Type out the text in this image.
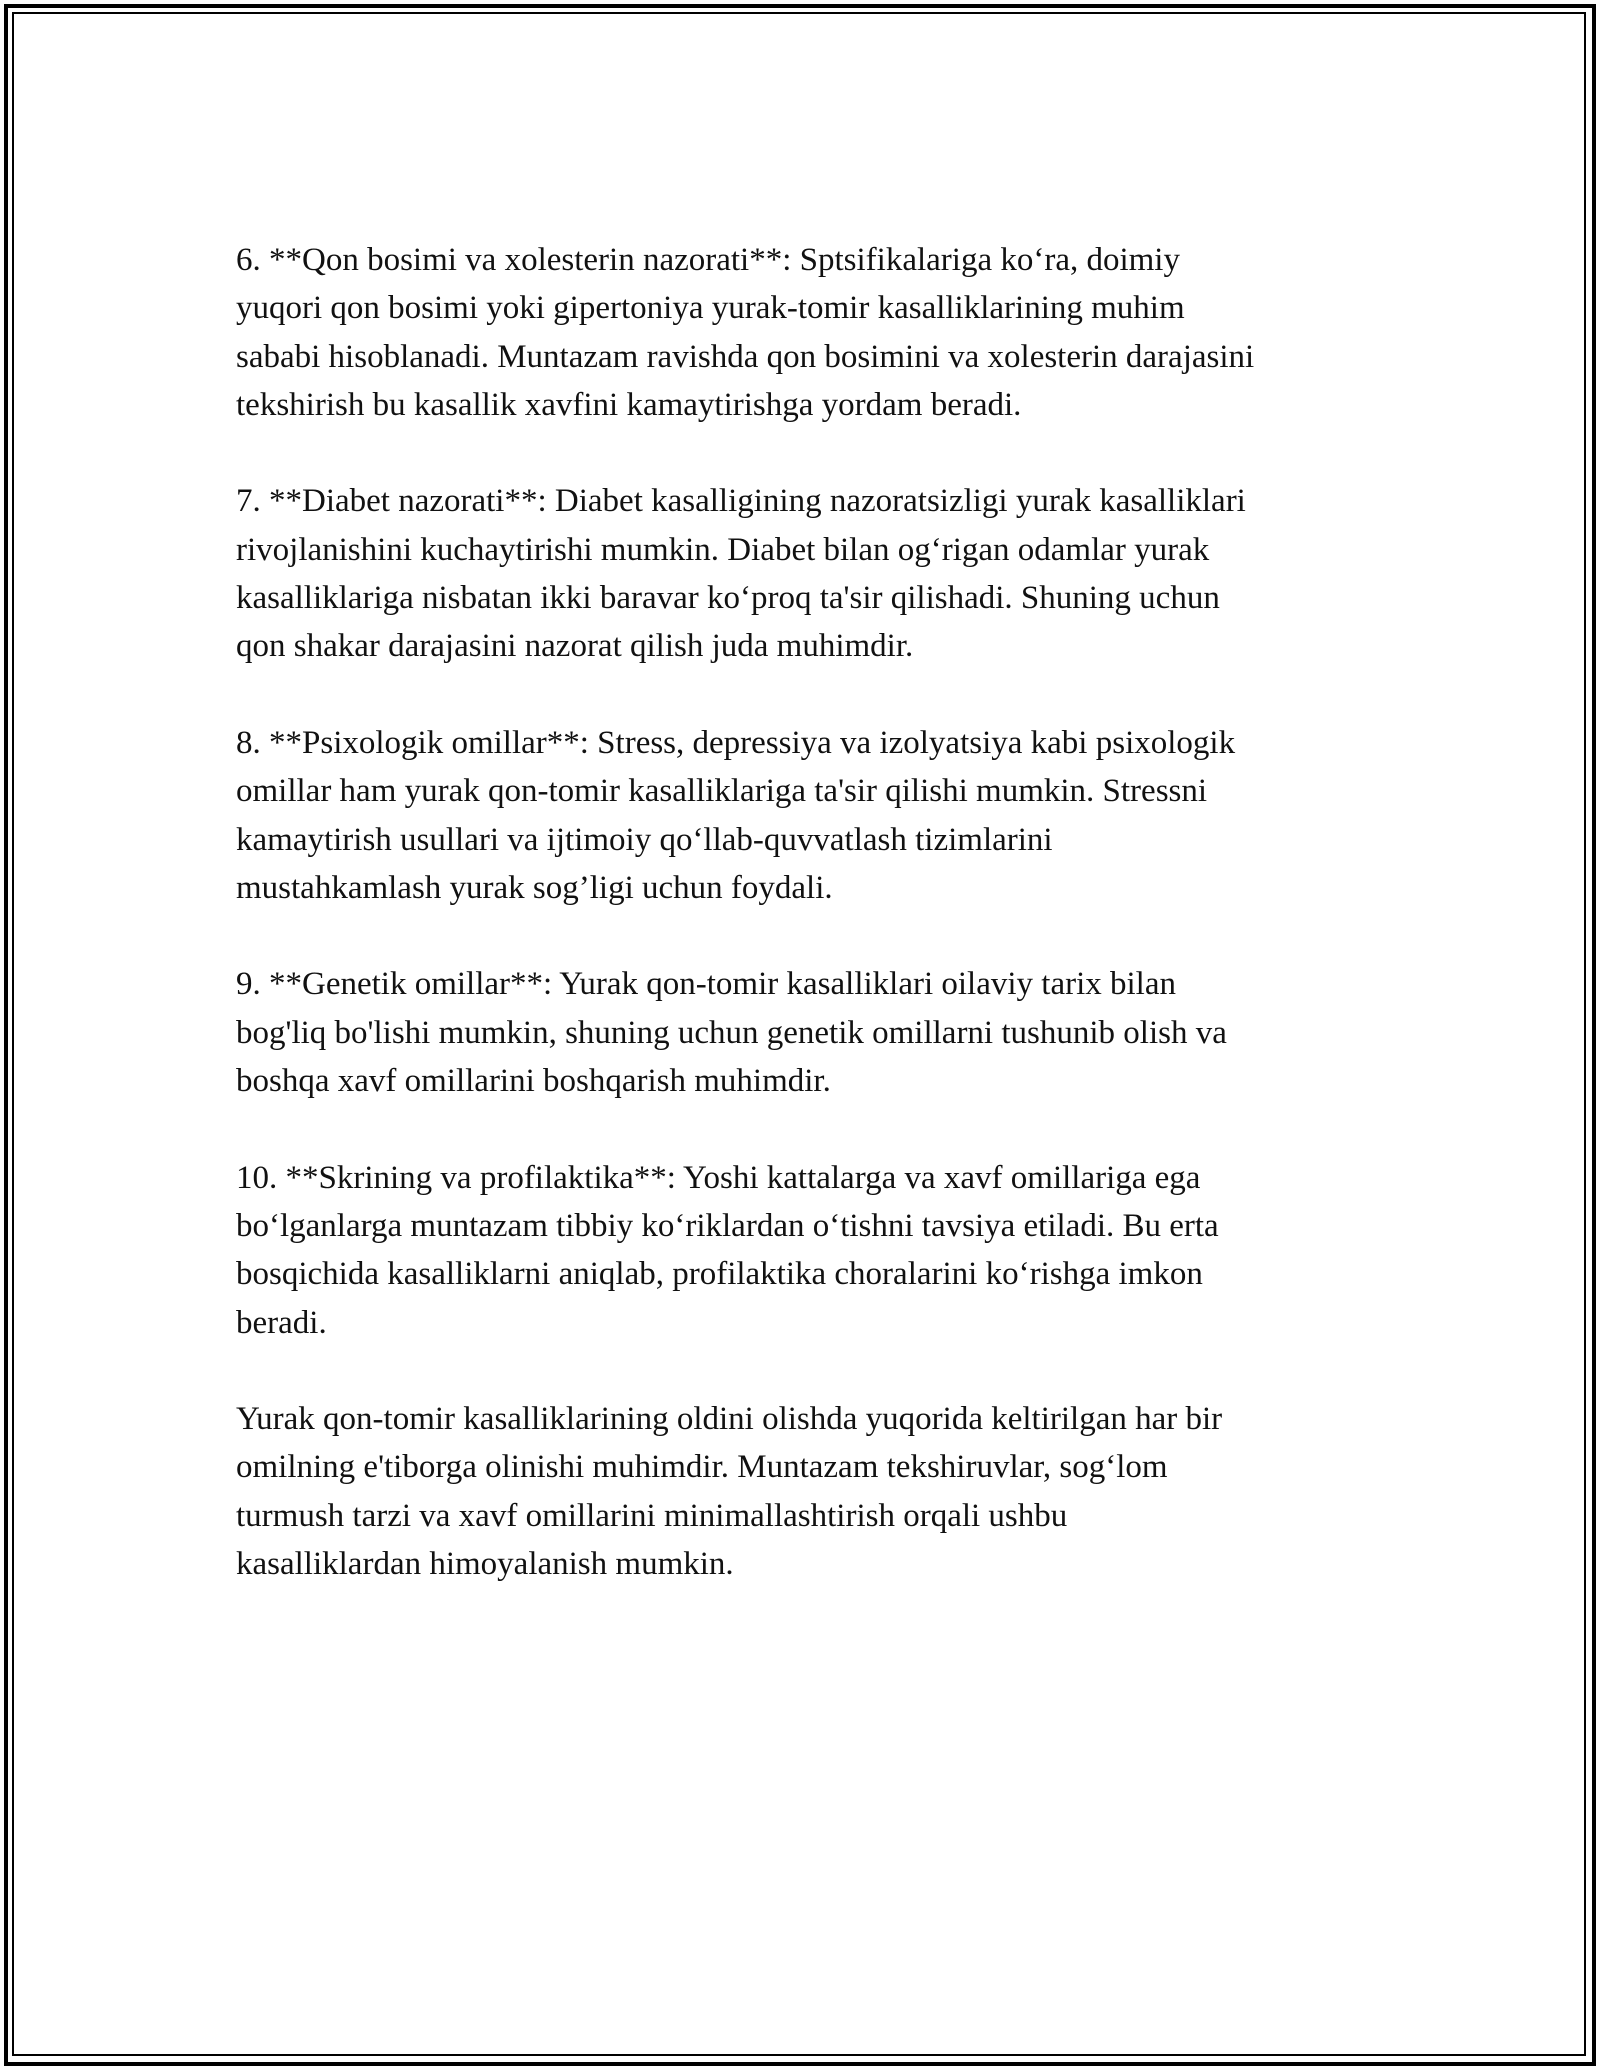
6. **Qon bosimi va xolesterin nazorati**: Sptsifikalariga ko‘ra, doimiy
yuqori qon bosimi yoki gipertoniya yurak-tomir kasalliklarining muhim
sababi hisoblanadi. Muntazam ravishda qon bosimini va xolesterin darajasini
tekshirish bu kasallik xavfini kamaytirishga yordam beradi.

7. **Diabet nazorati**: Diabet kasalligining nazoratsizligi yurak kasalliklari
rivojlanishini kuchaytirishi mumkin. Diabet bilan og‘rigan odamlar yurak
kasalliklariga nisbatan ikki baravar ko‘proq ta'sir qilishadi. Shuning uchun
qon shakar darajasini nazorat qilish juda muhimdir.

8. **Psixologik omillar**: Stress, depressiya va izolyatsiya kabi psixologik
omillar ham yurak qon-tomir kasalliklariga ta'sir qilishi mumkin. Stressni
kamaytirish usullari va ijtimoiy qo‘llab-quvvatlash tizimlarini
mustahkamlash yurak sog’ligi uchun foydali.

9. **Genetik omillar**: Yurak qon-tomir kasalliklari oilaviy tarix bilan
bog'liq bo'lishi mumkin, shuning uchun genetik omillarni tushunib olish va
boshqa xavf omillarini boshqarish muhimdir.

10. **Skrining va profilaktika**: Yoshi kattalarga va xavf omillariga ega
bo‘lganlarga muntazam tibbiy ko‘riklardan o‘tishni tavsiya etiladi. Bu erta
bosqichida kasalliklarni aniqlab, profilaktika choralarini ko‘rishga imkon
beradi.

Yurak qon-tomir kasalliklarining oldini olishda yuqorida keltirilgan har bir
omilning e'tiborga olinishi muhimdir. Muntazam tekshiruvlar, sog‘lom
turmush tarzi va xavf omillarini minimallashtirish orqali ushbu
kasalliklardan himoyalanish mumkin.
